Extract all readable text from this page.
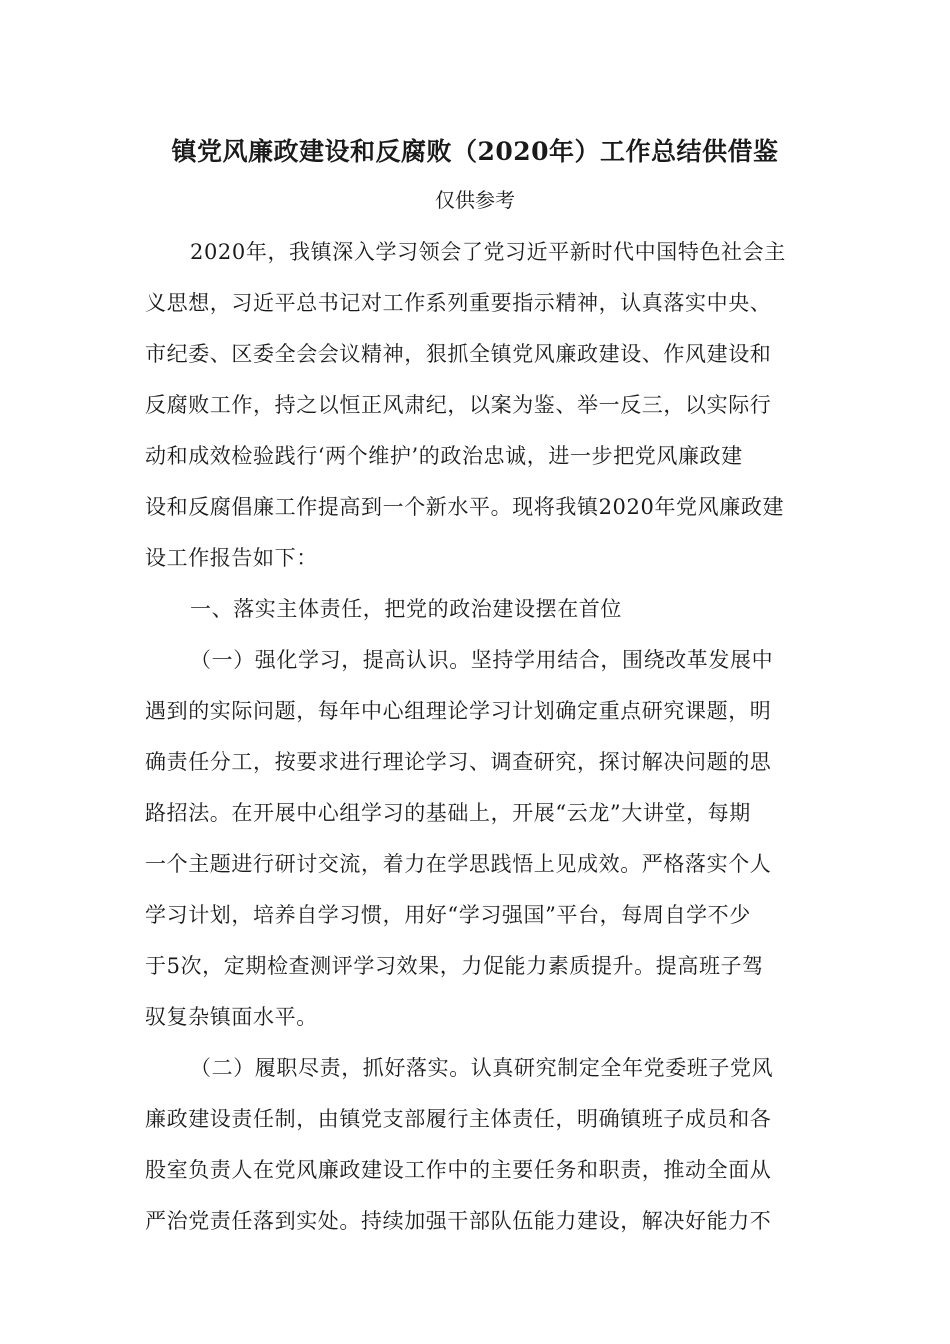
镇党风廉政建设和反腐败（2020年）工作总结供借鉴
仅供参考
2020年，我镇深入学习领会了党习近平新时代中国特色社会主
义思想，习近平总书记对工作系列重要指示精神，认真落实中央、
市纪委、区委全会会议精神，狠抓全镇党风廉政建设、作风建设和
反腐败工作，持之以恒正风肃纪，以案为鉴、举一反三，以实际行
动和成效检验践行‘两个维护’的政治忠诚，进一步把党风廉政建
设和反腐倡廉工作提高到一个新水平。现将我镇2020年党风廉政建
设工作报告如下：
一、落实主体责任，把党的政治建设摆在首位
（一）强化学习，提高认识。坚持学用结合，围绕改革发展中
遇到的实际问题，每年中心组理论学习计划确定重点研究课题，明
确责任分工，按要求进行理论学习、调查研究，探讨解决问题的思
路招法。在开展中心组学习的基础上，开展“云龙”大讲堂，每期
一个主题进行研讨交流，着力在学思践悟上见成效。严格落实个人
学习计划，培养自学习惯，用好“学习强国”平台，每周自学不少
于5次，定期检查测评学习效果，力促能力素质提升。提高班子驾
驭复杂镇面水平。
（二）履职尽责，抓好落实。认真研究制定全年党委班子党风
廉政建设责任制，由镇党支部履行主体责任，明确镇班子成员和各
股室负责人在党风廉政建设工作中的主要任务和职责，推动全面从
严治党责任落到实处。持续加强干部队伍能力建设，解决好能力不
